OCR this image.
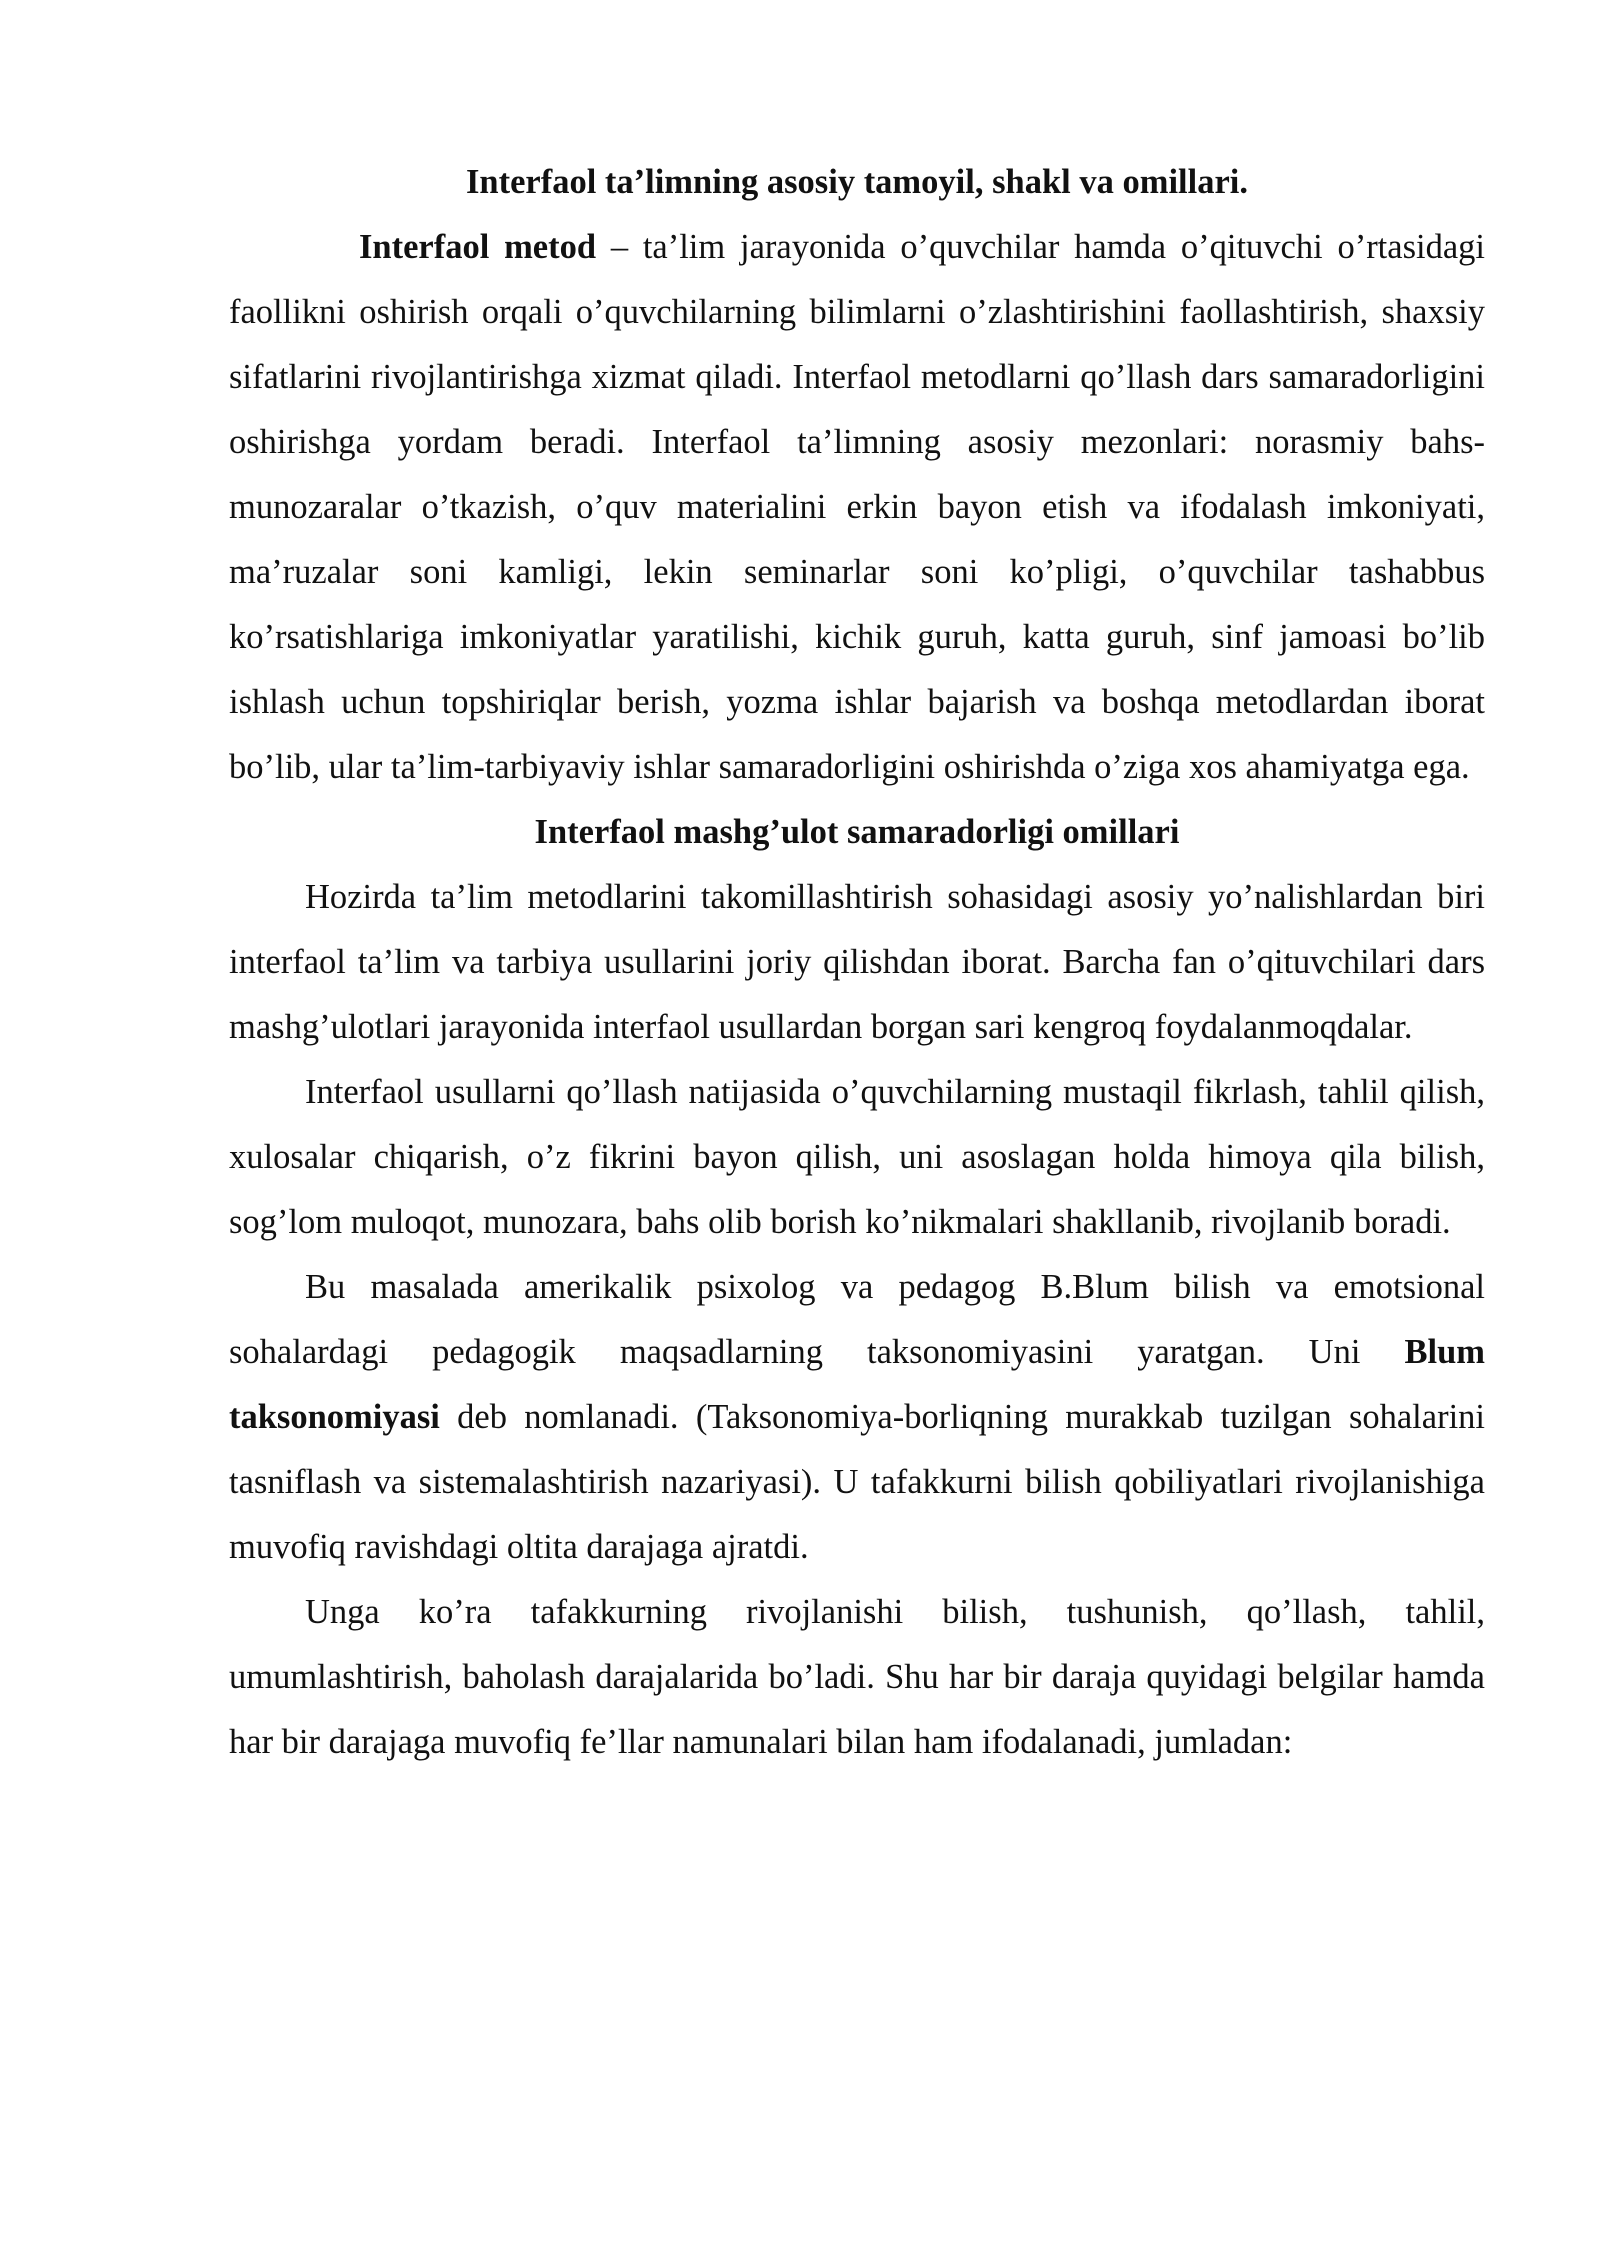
Interfaol ta’limning asosiy tamoyil, shakl va omillari.

Interfaol metod – ta’lim jarayonida o’quvchilar hamda o’qituvchi o’rtasidagi faollikni oshirish orqali o’quvchilarning bilimlarni o’zlashtirishini faollashtirish, shaxsiy sifatlarini rivojlantirishga xizmat qiladi. Interfaol metodlarni qo’llash dars samaradorligini oshirishga yordam beradi. Interfaol ta’limning asosiy mezonlari: norasmiy bahs-munozaralar o’tkazish, o’quv materialini erkin bayon etish va ifodalash imkoniyati, ma’ruzalar soni kamligi, lekin seminarlar soni ko’pligi, o’quvchilar tashabbus ko’rsatishlariga imkoniyatlar yaratilishi, kichik guruh, katta guruh, sinf jamoasi bo’lib ishlash uchun topshiriqlar berish, yozma ishlar bajarish va boshqa metodlardan iborat bo’lib, ular ta’lim-tarbiyaviy ishlar samaradorligini oshirishda o’ziga xos ahamiyatga ega.

Interfaol mashg’ulot samaradorligi omillari

Hozirda ta’lim metodlarini takomillashtirish sohasidagi asosiy yo’nalishlardan biri interfaol ta’lim va tarbiya usullarini joriy qilishdan iborat. Barcha fan o’qituvchilari dars mashg’ulotlari jarayonida interfaol usullardan borgan sari kengroq foydalanmoqdalar.

Interfaol usullarni qo’llash natijasida o’quvchilarning mustaqil fikrlash, tahlil qilish, xulosalar chiqarish, o’z fikrini bayon qilish, uni asoslagan holda himoya qila bilish, sog’lom muloqot, munozara, bahs olib borish ko’nikmalari shakllanib, rivojlanib boradi.

Bu masalada amerikalik psixolog va pedagog B.Blum bilish va emotsional sohalardagi pedagogik maqsadlarning taksonomiyasini yaratgan. Uni Blum taksonomiyasi deb nomlanadi. (Taksonomiya-borliqning murakkab tuzilgan sohalarini tasniflash va sistemalashtirish nazariyasi). U tafakkurni bilish qobiliyatlari rivojlanishiga muvofiq ravishdagi oltita darajaga ajratdi.

Unga ko’ra tafakkurning rivojlanishi bilish, tushunish, qo’llash, tahlil, umumlashtirish, baholash darajalarida bo’ladi. Shu har bir daraja quyidagi belgilar hamda har bir darajaga muvofiq fe’llar namunalari bilan ham ifodalanadi, jumladan:
